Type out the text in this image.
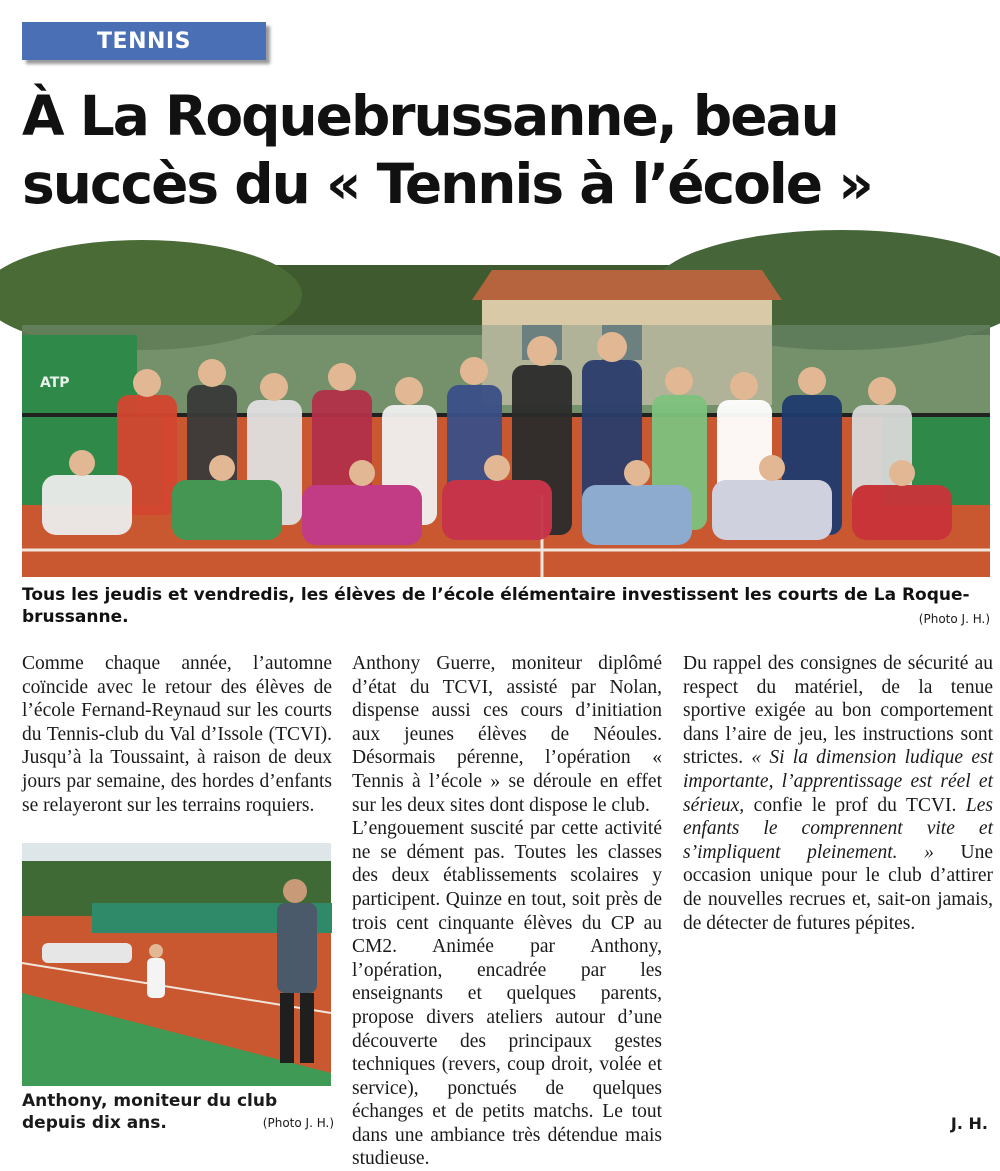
TENNIS
À La Roquebrussanne, beau
succès du « Tennis à l’école »
ATP
Tous les jeudis et vendredis, les élèves de l’école élémentaire investissent les courts de La Roque-brussanne.	(Photo J. H.)

Comme chaque année, l’automne coïncide avec le retour des élèves de l’école Fernand-Reynaud sur les courts du Tennis-club du Val d’Issole (TCVI). Jusqu’à la Toussaint, à raison de deux jours par semaine, des hordes d’enfants se relayeront sur les terrains roquiers.

Anthony, moniteur du club depuis dix ans.	(Photo J. H.)

Anthony Guerre, moniteur diplômé d’état du TCVI, assisté par Nolan, dispense aussi ces cours d’initiation aux jeunes élèves de Néoules. Désormais pérenne, l’opération « Tennis à l’école » se déroule en effet sur les deux sites dont dispose le club.

L’engouement suscité par cette activité ne se dément pas. Toutes les classes des deux établissements scolaires y participent. Quinze en tout, soit près de trois cent cinquante élèves du CP au CM2. Animée par Anthony, l’opération, encadrée par les enseignants et quelques parents, propose divers ateliers autour d’une découverte des principaux gestes techniques (revers, coup droit, volée et service), ponctués de quelques échanges et de petits matchs. Le tout dans une ambiance très détendue mais studieuse.

Du rappel des consignes de sécurité au respect du matériel, de la tenue sportive exigée au bon comportement dans l’aire de jeu, les instructions sont strictes. « Si la dimension ludique est importante, l’apprentissage est réel et sérieux, confie le prof du TCVI. Les enfants le comprennent vite et s’impliquent pleinement. » Une occasion unique pour le club d’attirer de nouvelles recrues et, sait-on jamais, de détecter de futures pépites.

J. H.
